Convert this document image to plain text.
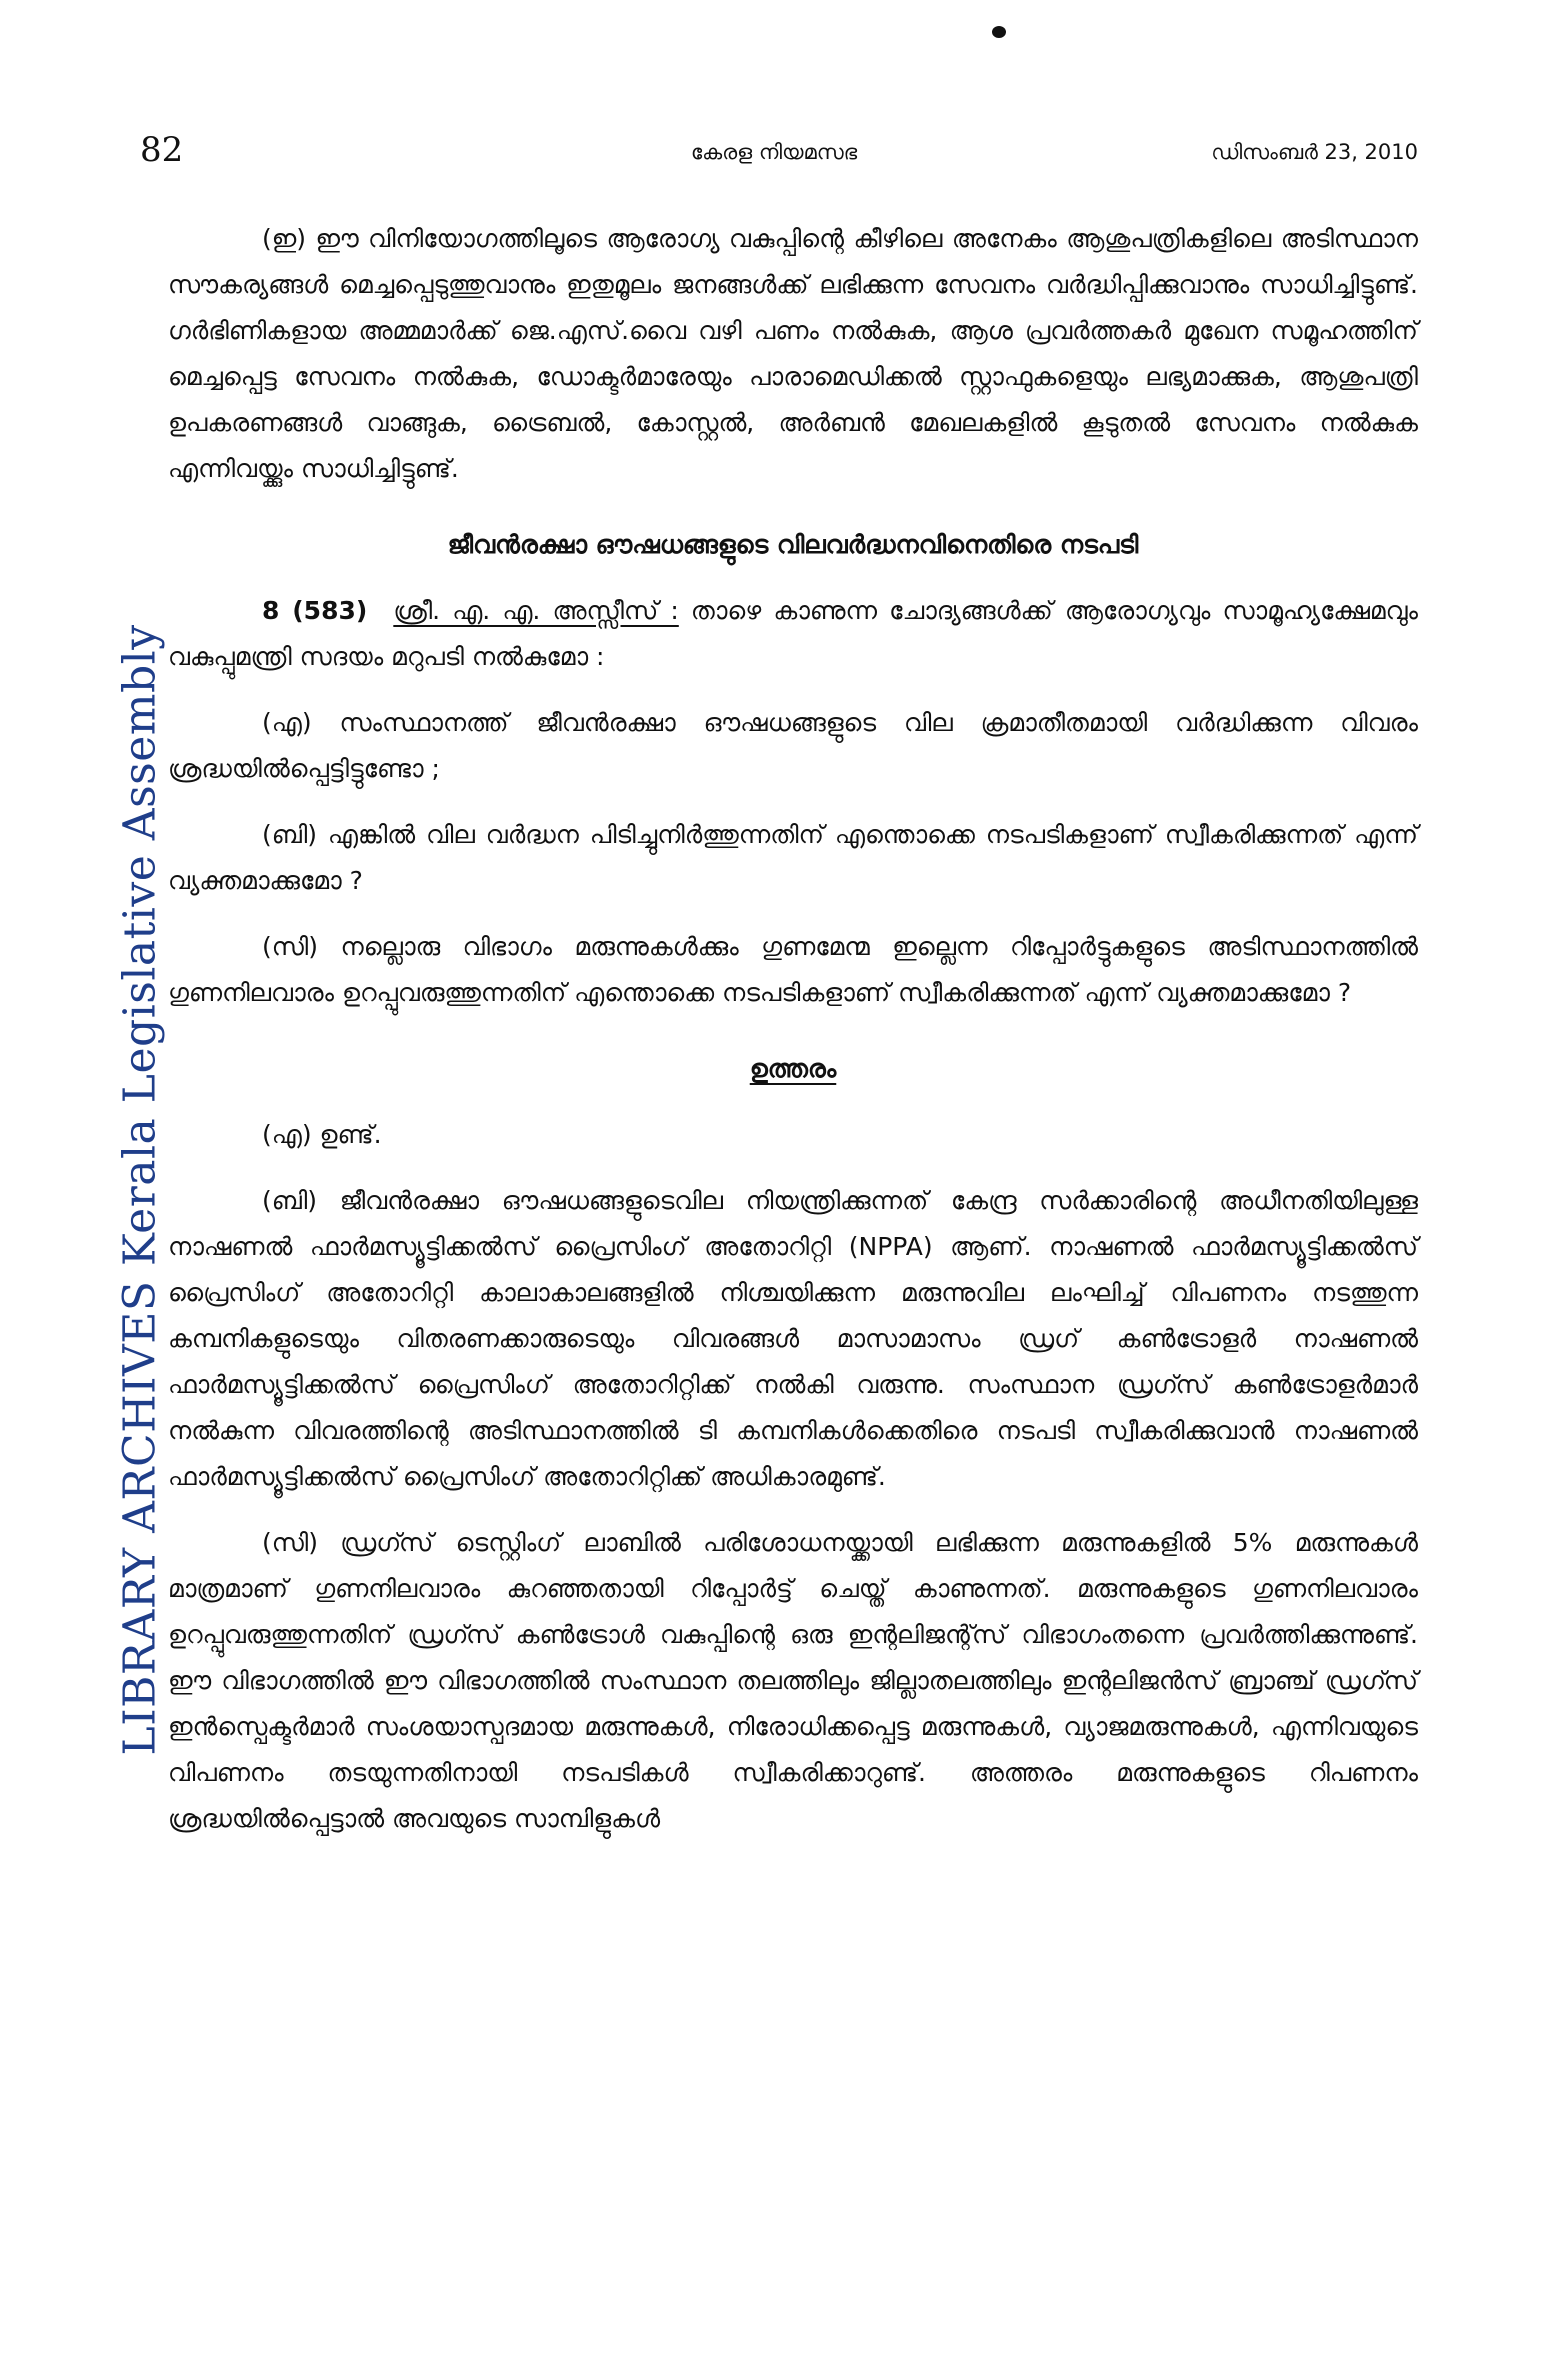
82	കേരള നിയമസഭ	ഡിസംബർ 23, 2010
LIBRARY ARCHIVES Kerala Legislative Assembly

(ഇ) ഈ വിനിയോഗത്തിലൂടെ ആരോഗ്യ വകുപ്പിന്റെ കീഴിലെ അനേകം ആശുപത്രികളിലെ അടിസ്ഥാന സൗകര്യങ്ങൾ മെച്ചപ്പെടുത്തുവാനും ഇതുമൂലം ജനങ്ങൾക്ക് ലഭിക്കുന്ന സേവനം വർദ്ധിപ്പിക്കുവാനും സാധിച്ചിട്ടുണ്ട്. ഗർഭിണികളായ അമ്മമാർക്ക് ജെ.എസ്.വൈ വഴി പണം നൽകുക, ആശ പ്രവർത്തകർ മുഖേന സമൂഹത്തിന് മെച്ചപ്പെട്ട സേവനം നൽകുക, ഡോക്ടർമാരേയും പാരാമെഡിക്കൽ സ്റ്റാഫുകളെയും ലഭ്യമാക്കുക, ആശുപത്രി ഉപകരണങ്ങൾ വാങ്ങുക, ട്രൈബൽ, കോസ്റ്റൽ, അർബൻ മേഖലകളിൽ കൂടുതൽ സേവനം നൽകുക എന്നിവയ്ക്കും സാധിച്ചിട്ടുണ്ട്.

ജീവൻരക്ഷാ ഔഷധങ്ങളുടെ വിലവർദ്ധനവിനെതിരെ നടപടി

8 (583) ശ്രീ. എ. എ. അസ്സീസ് : താഴെ കാണുന്ന ചോദ്യങ്ങൾക്ക് ആരോഗ്യവും സാമൂഹ്യക്ഷേമവും വകുപ്പുമന്ത്രി സദയം മറുപടി നൽകുമോ :

(എ) സംസ്ഥാനത്ത് ജീവൻരക്ഷാ ഔഷധങ്ങളുടെ വില ക്രമാതീതമായി വർദ്ധിക്കുന്ന വിവരം ശ്രദ്ധയിൽപ്പെട്ടിട്ടുണ്ടോ ;

(ബി) എങ്കിൽ വില വർദ്ധന പിടിച്ചുനിർത്തുന്നതിന് എന്തൊക്കെ നടപടികളാണ് സ്വീകരിക്കുന്നത് എന്ന് വ്യക്തമാക്കുമോ ?

(സി) നല്ലൊരു വിഭാഗം മരുന്നുകൾക്കും ഗുണമേന്മ ഇല്ലെന്ന റിപ്പോർട്ടുകളുടെ അടിസ്ഥാനത്തിൽ ഗുണനിലവാരം ഉറപ്പുവരുത്തുന്നതിന് എന്തൊക്കെ നടപടികളാണ് സ്വീകരിക്കുന്നത് എന്ന് വ്യക്തമാക്കുമോ ?

ഉത്തരം

(എ) ഉണ്ട്.

(ബി) ജീവൻരക്ഷാ ഔഷധങ്ങളുടെവില നിയന്ത്രിക്കുന്നത് കേന്ദ്ര സർക്കാരിന്റെ അധീനതിയിലുള്ള നാഷണൽ ഫാർമസ്യൂട്ടിക്കൽസ് പ്രൈസിംഗ് അതോറിറ്റി (NPPA) ആണ്. നാഷണൽ ഫാർമസ്യൂട്ടിക്കൽസ് പ്രൈസിംഗ് അതോറിറ്റി കാലാകാലങ്ങളിൽ നിശ്ചയിക്കുന്ന മരുന്നുവില ലംഘിച്ച് വിപണനം നടത്തുന്ന കമ്പനികളുടെയും വിതരണക്കാരുടെയും വിവരങ്ങൾ മാസാമാസം ഡ്രഗ് കൺട്രോളർ നാഷണൽ ഫാർമസ്യൂട്ടിക്കൽസ് പ്രൈസിംഗ് അതോറിറ്റിക്ക് നൽകി വരുന്നു. സംസ്ഥാന ഡ്രഗ്സ് കൺട്രോളർമാർ നൽകുന്ന വിവരത്തിന്റെ അടിസ്ഥാനത്തിൽ ടി കമ്പനികൾക്കെതിരെ നടപടി സ്വീകരിക്കുവാൻ നാഷണൽ ഫാർമസ്യൂട്ടിക്കൽസ് പ്രൈസിംഗ് അതോറിറ്റിക്ക് അധികാരമുണ്ട്.

(സി) ഡ്രഗ്സ് ടെസ്റ്റിംഗ് ലാബിൽ പരിശോധനയ്ക്കായി ലഭിക്കുന്ന മരുന്നുകളിൽ 5% മരുന്നുകൾ മാത്രമാണ് ഗുണനിലവാരം കുറഞ്ഞതായി റിപ്പോർട്ട് ചെയ്ത് കാണുന്നത്. മരുന്നുകളുടെ ഗുണനിലവാരം ഉറപ്പുവരുത്തുന്നതിന് ഡ്രഗ്സ് കൺട്രോൾ വകുപ്പിന്റെ ഒരു ഇന്റലിജന്റ്സ് വിഭാഗംതന്നെ പ്രവർത്തിക്കുന്നുണ്ട്. ഈ വിഭാഗത്തിൽ ഈ വിഭാഗത്തിൽ സംസ്ഥാന തലത്തിലും ജില്ലാതലത്തിലും ഇന്റലിജൻസ് ബ്രാഞ്ച് ഡ്രഗ്സ് ഇൻസ്പെക്ടർമാർ സംശയാസ്പദമായ മരുന്നുകൾ, നിരോധിക്കപ്പെട്ട മരുന്നുകൾ, വ്യാജമരുന്നുകൾ, എന്നിവയുടെ വിപണനം തടയുന്നതിനായി നടപടികൾ സ്വീകരിക്കാറുണ്ട്. അത്തരം മരുന്നുകളുടെ റിപണനം ശ്രദ്ധയിൽപ്പെട്ടാൽ അവയുടെ സാമ്പിളുകൾ
